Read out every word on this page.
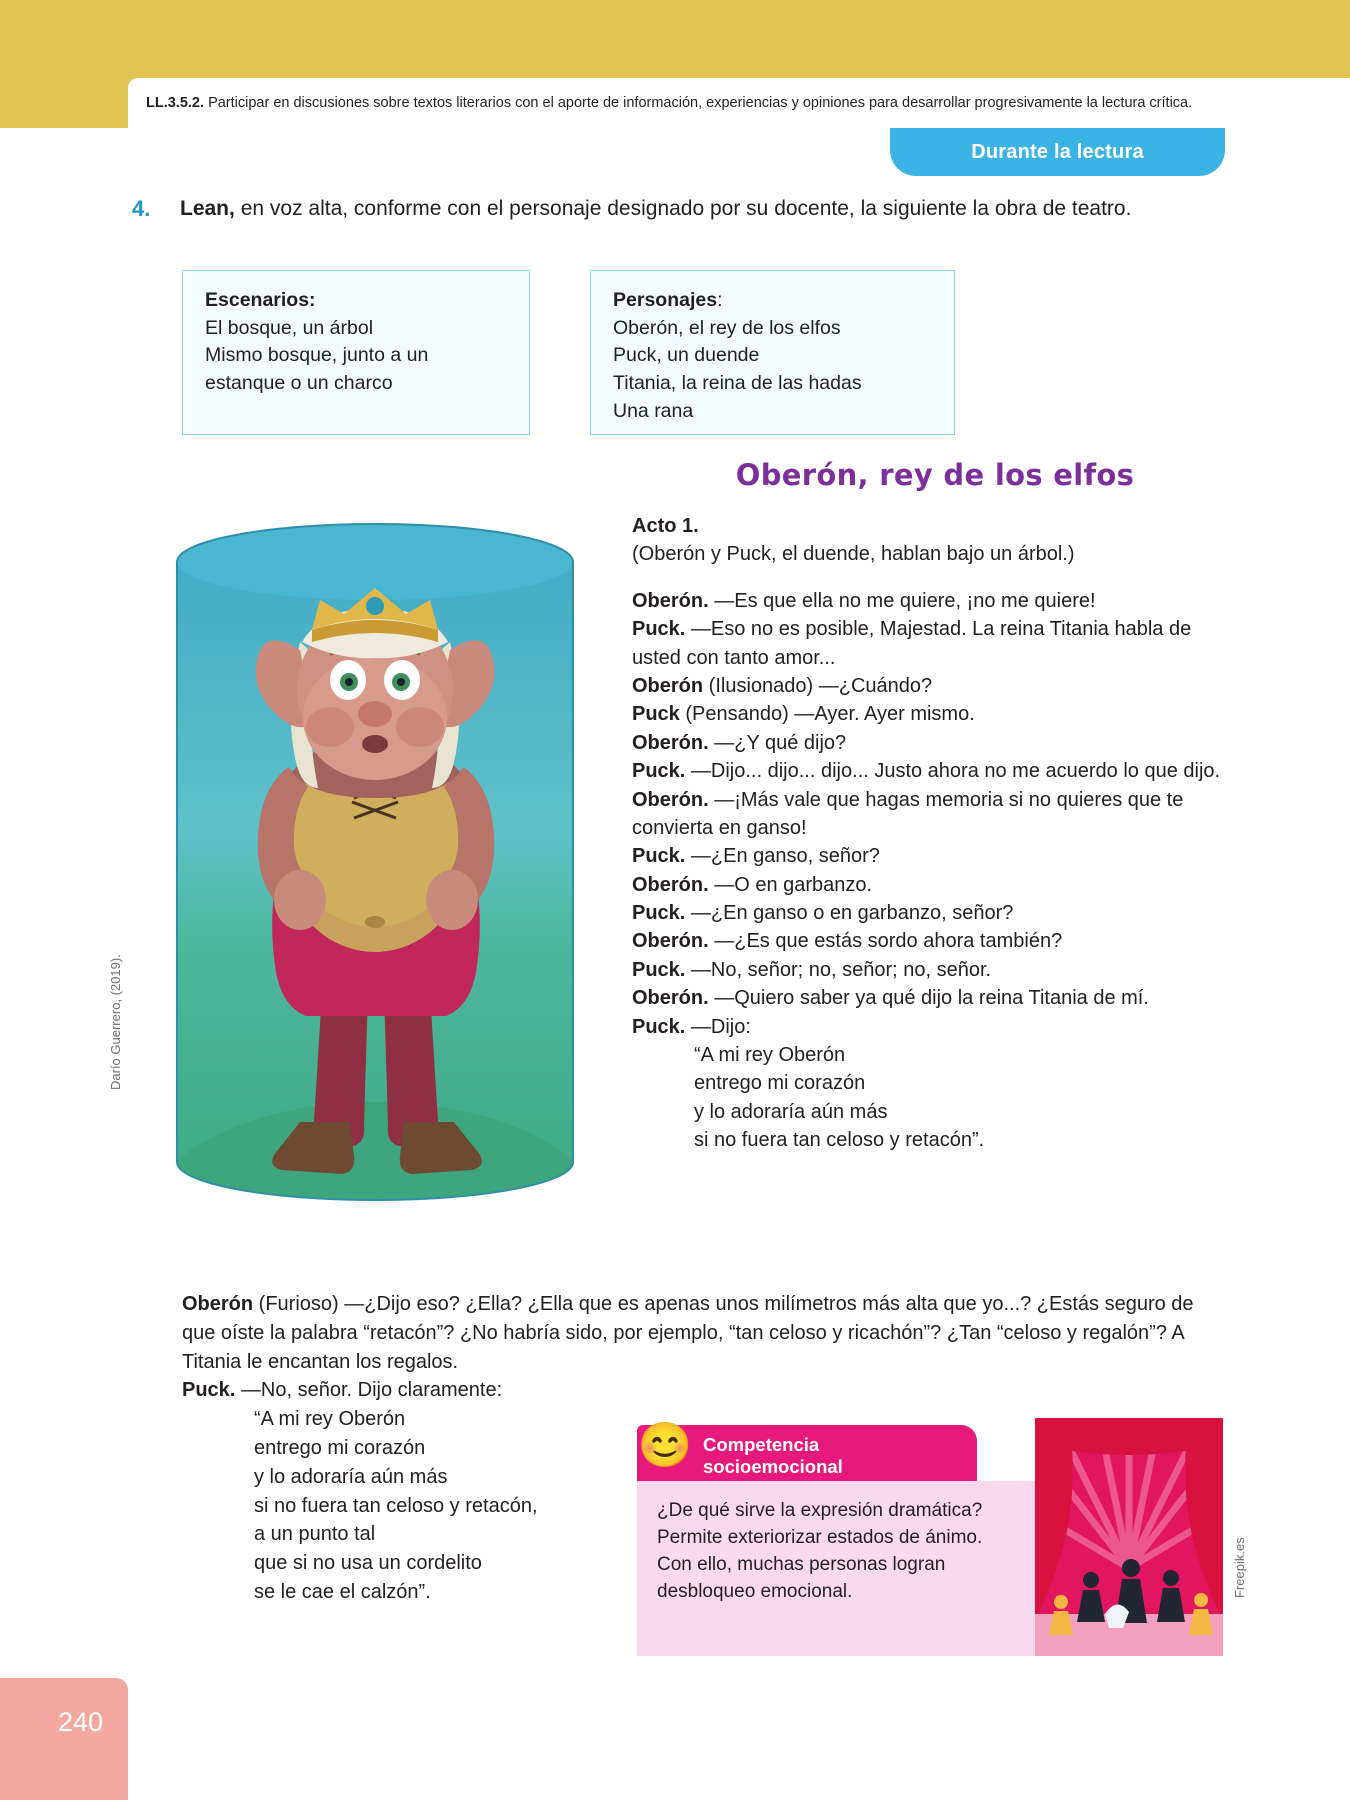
LL.3.5.2. Participar en discusiones sobre textos literarios con el aporte de información, experiencias y opiniones para desarrollar progresivamente la lectura crítica.
Durante la lectura
4. Lean, en voz alta, conforme con el personaje designado por su docente, la siguiente la obra de teatro.
Escenarios:
El bosque, un árbol
Mismo bosque, junto a un
estanque o un charco
Personajes:
Oberón, el rey de los elfos
Puck, un duende
Titania, la reina de las hadas
Una rana
Oberón, rey de los elfos
Darío Guerrero, (2019).
Acto 1.
(Oberón y Puck, el duende, hablan bajo un árbol.)
Oberón. —Es que ella no me quiere, ¡no me quiere!
Puck. —Eso no es posible, Majestad. La reina Titania habla de usted con tanto amor...
Oberón (Ilusionado) —¿Cuándo?
Puck (Pensando) —Ayer. Ayer mismo.
Oberón. —¿Y qué dijo?
Puck. —Dijo... dijo... dijo... Justo ahora no me acuerdo lo que dijo.
Oberón. —¡Más vale que hagas memoria si no quieres que te convierta en ganso!
Puck. —¿En ganso, señor?
Oberón. —O en garbanzo.
Puck. —¿En ganso o en garbanzo, señor?
Oberón. —¿Es que estás sordo ahora también?
Puck. —No, señor; no, señor; no, señor.
Oberón. —Quiero saber ya qué dijo la reina Titania de mí.
Puck. —Dijo:
“A mi rey Oberón
entrego mi corazón
y lo adoraría aún más
si no fuera tan celoso y retacón”.
Oberón (Furioso) —¿Dijo eso? ¿Ella? ¿Ella que es apenas unos milímetros más alta que yo...? ¿Estás seguro de que oíste la palabra “retacón”? ¿No habría sido, por ejemplo, “tan celoso y ricachón”? ¿Tan “celoso y regalón”? A Titania le encantan los regalos.
Puck. —No, señor. Dijo claramente:
“A mi rey Oberón
entrego mi corazón
y lo adoraría aún más
si no fuera tan celoso y retacón,
a un punto tal
que si no usa un cordelito
se le cae el calzón”.
Competencia
socioemocional
😊
¿De qué sirve la expresión dramática? Permite exteriorizar estados de ánimo. Con ello, muchas personas logran desbloqueo emocional.	Freepik.es
240
